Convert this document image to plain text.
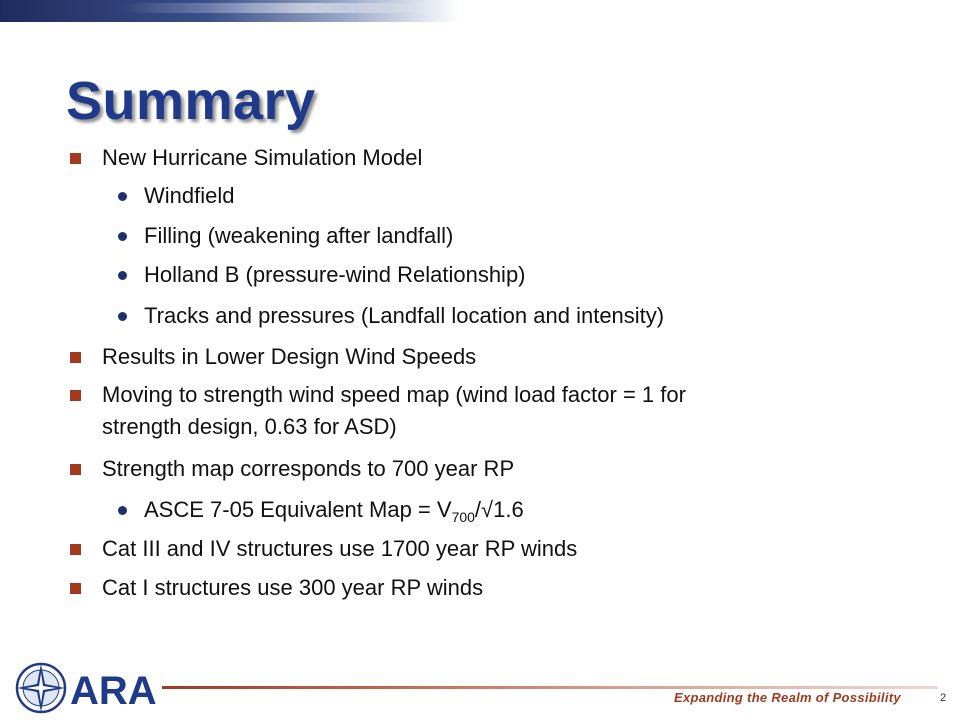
Summary
New Hurricane Simulation Model
Windfield
Filling (weakening after landfall)
Holland B (pressure-wind Relationship)
Tracks and pressures (Landfall location and intensity)
Results in Lower Design Wind Speeds
Moving to strength wind speed map (wind load factor = 1 for
strength design, 0.63 for ASD)
Strength map corresponds to 700 year RP
ASCE 7-05 Equivalent Map = $V_{700}/√1.6$
Cat III and IV structures use 1700 year RP winds
Cat I structures use 300 year RP winds
ARA	Expanding the Realm of Possibility	2
